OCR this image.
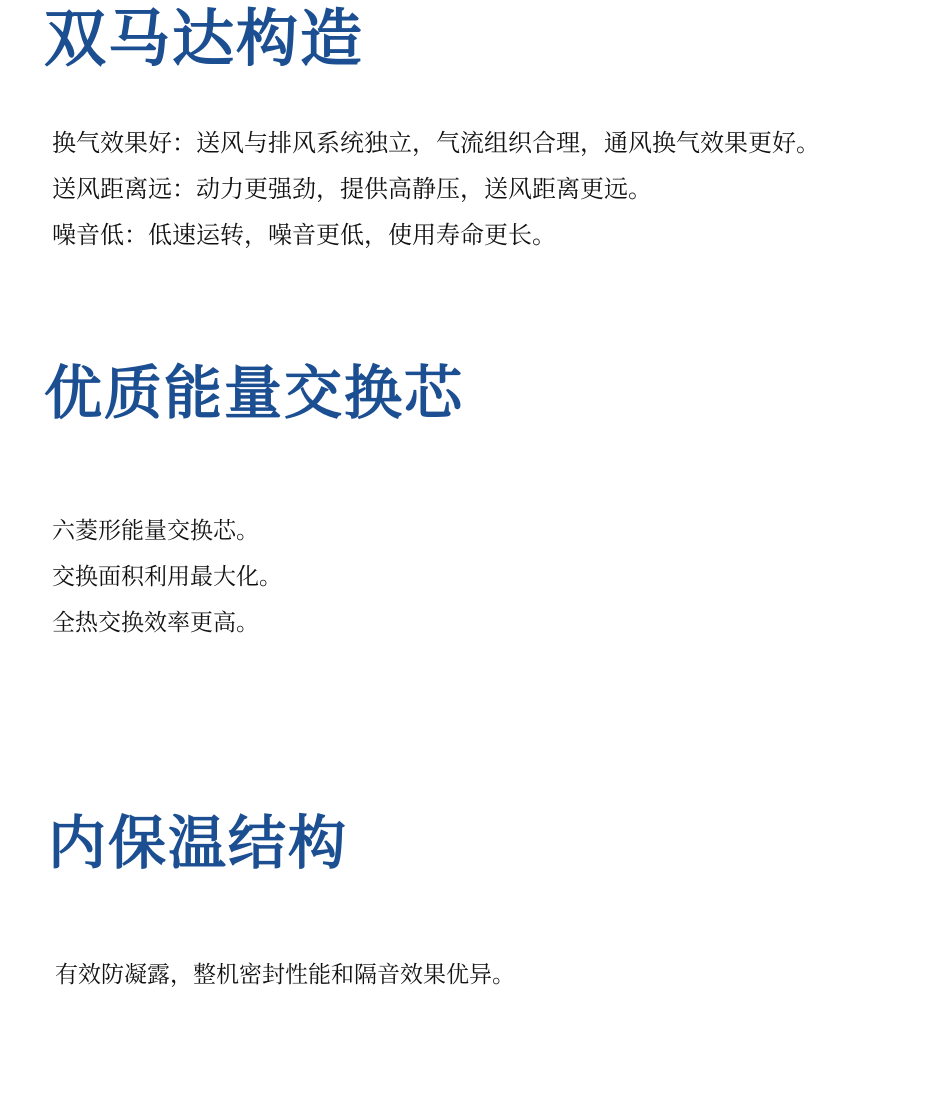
双马达构造
换气效果好：送风与排风系统独立，气流组织合理，通风换气效果更好。
送风距离远：动力更强劲，提供高静压，送风距离更远。
噪音低：低速运转，噪音更低，使用寿命更长。
优质能量交换芯
六菱形能量交换芯。
交换面积利用最大化。
全热交换效率更高。
内保温结构
有效防凝露，整机密封性能和隔音效果优异。
